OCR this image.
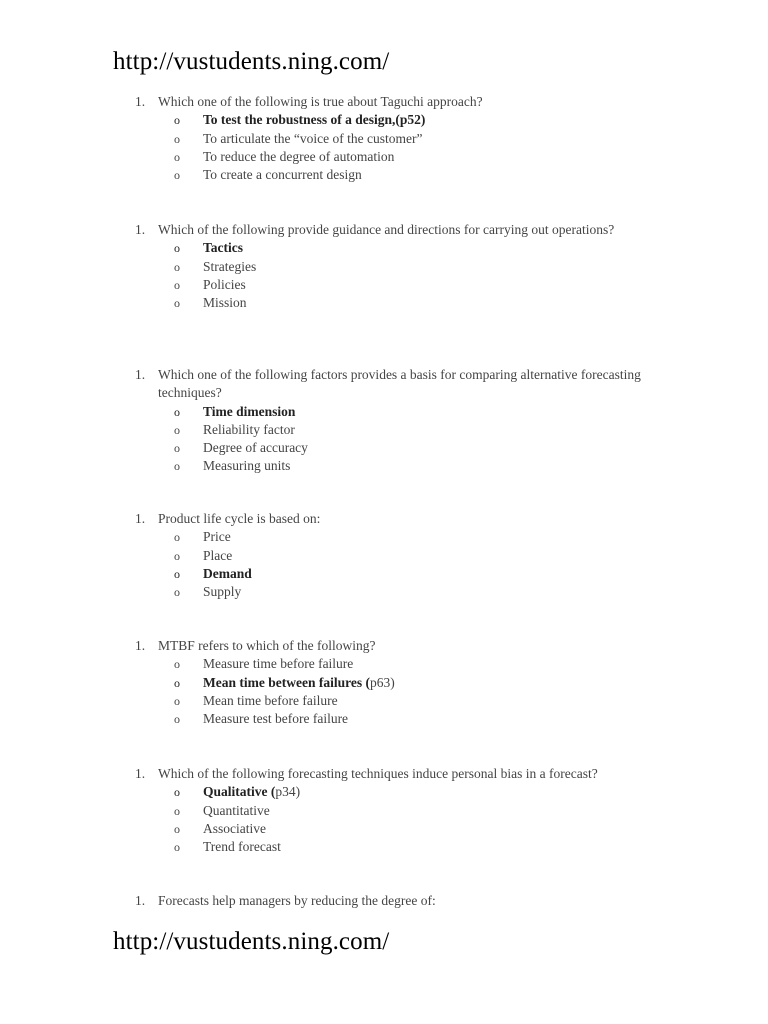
http://vustudents.ning.com/
1. Which one of the following is true about Taguchi approach?
o	To test the robustness of a design,(p52)
o	To articulate the “voice of the customer”
o	To reduce the degree of automation
o	To create a concurrent design
1. Which of the following provide guidance and directions for carrying out operations?
o	Tactics
o	Strategies
o	Policies
o	Mission
1. Which one of the following factors provides a basis for comparing alternative forecasting techniques?
o	Time dimension
o	Reliability factor
o	Degree of accuracy
o	Measuring units
1. Product life cycle is based on:
o	Price
o	Place
o	Demand
o	Supply
1. MTBF refers to which of the following?
o	Measure time before failure
o	Mean time between failures (p63)
o	Mean time before failure
o	Measure test before failure
1. Which of the following forecasting techniques induce personal bias in a forecast?
o	Qualitative (p34)
o	Quantitative
o	Associative
o	Trend forecast
1. Forecasts help managers by reducing the degree of:
http://vustudents.ning.com/
